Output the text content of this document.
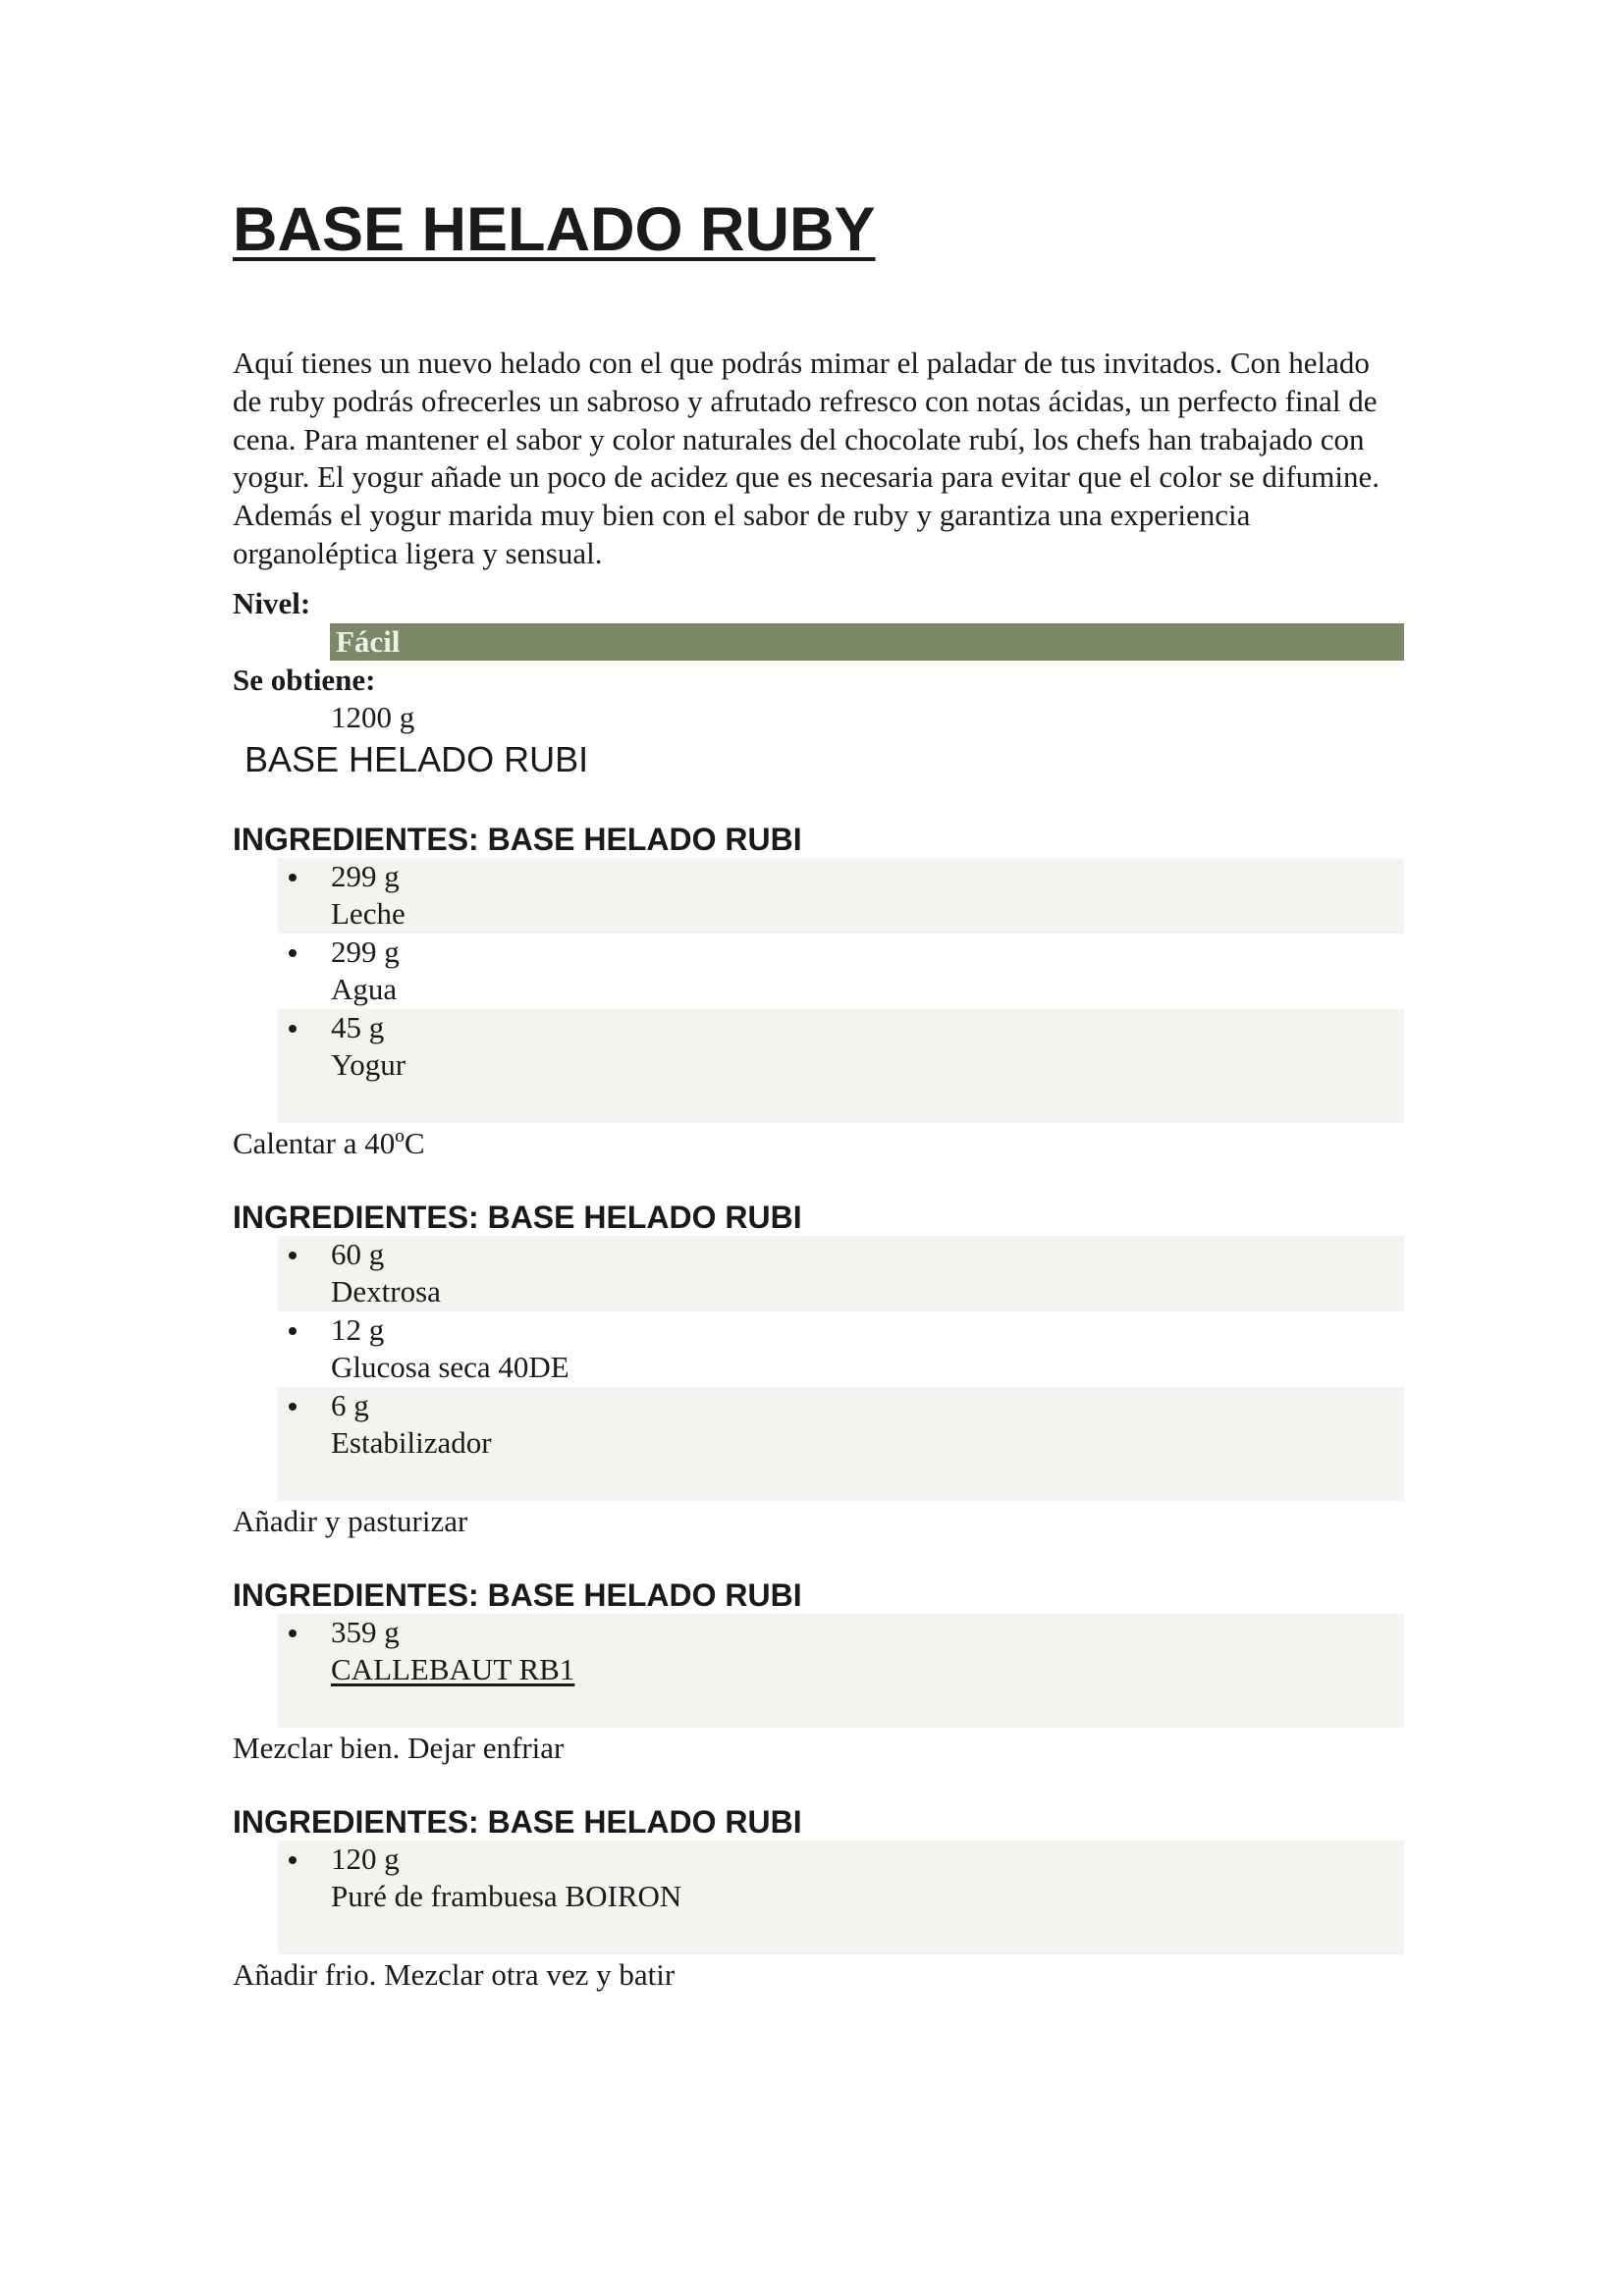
BASE HELADO RUBY

Aquí tienes un nuevo helado con el que podrás mimar el paladar de tus invitados. Con helado de ruby podrás ofrecerles un sabroso y afrutado refresco con notas ácidas, un perfecto final de cena. Para mantener el sabor y color naturales del chocolate rubí, los chefs han trabajado con yogur. El yogur añade un poco de acidez que es necesaria para evitar que el color se difumine. Además el yogur marida muy bien con el sabor de ruby y garantiza una experiencia organoléptica ligera y sensual.

Nivel:
Fácil
Se obtiene:
1200 g
BASE HELADO RUBI
INGREDIENTES: BASE HELADO RUBI
299 g
Leche
299 g
Agua
45 g
Yogur
Calentar a 40ºC
INGREDIENTES: BASE HELADO RUBI
60 g
Dextrosa
12 g
Glucosa seca 40DE
6 g
Estabilizador
Añadir y pasturizar
INGREDIENTES: BASE HELADO RUBI
359 g
CALLEBAUT RB1
Mezclar bien. Dejar enfriar
INGREDIENTES: BASE HELADO RUBI
120 g
Puré de frambuesa BOIRON
Añadir frio. Mezclar otra vez y batir
